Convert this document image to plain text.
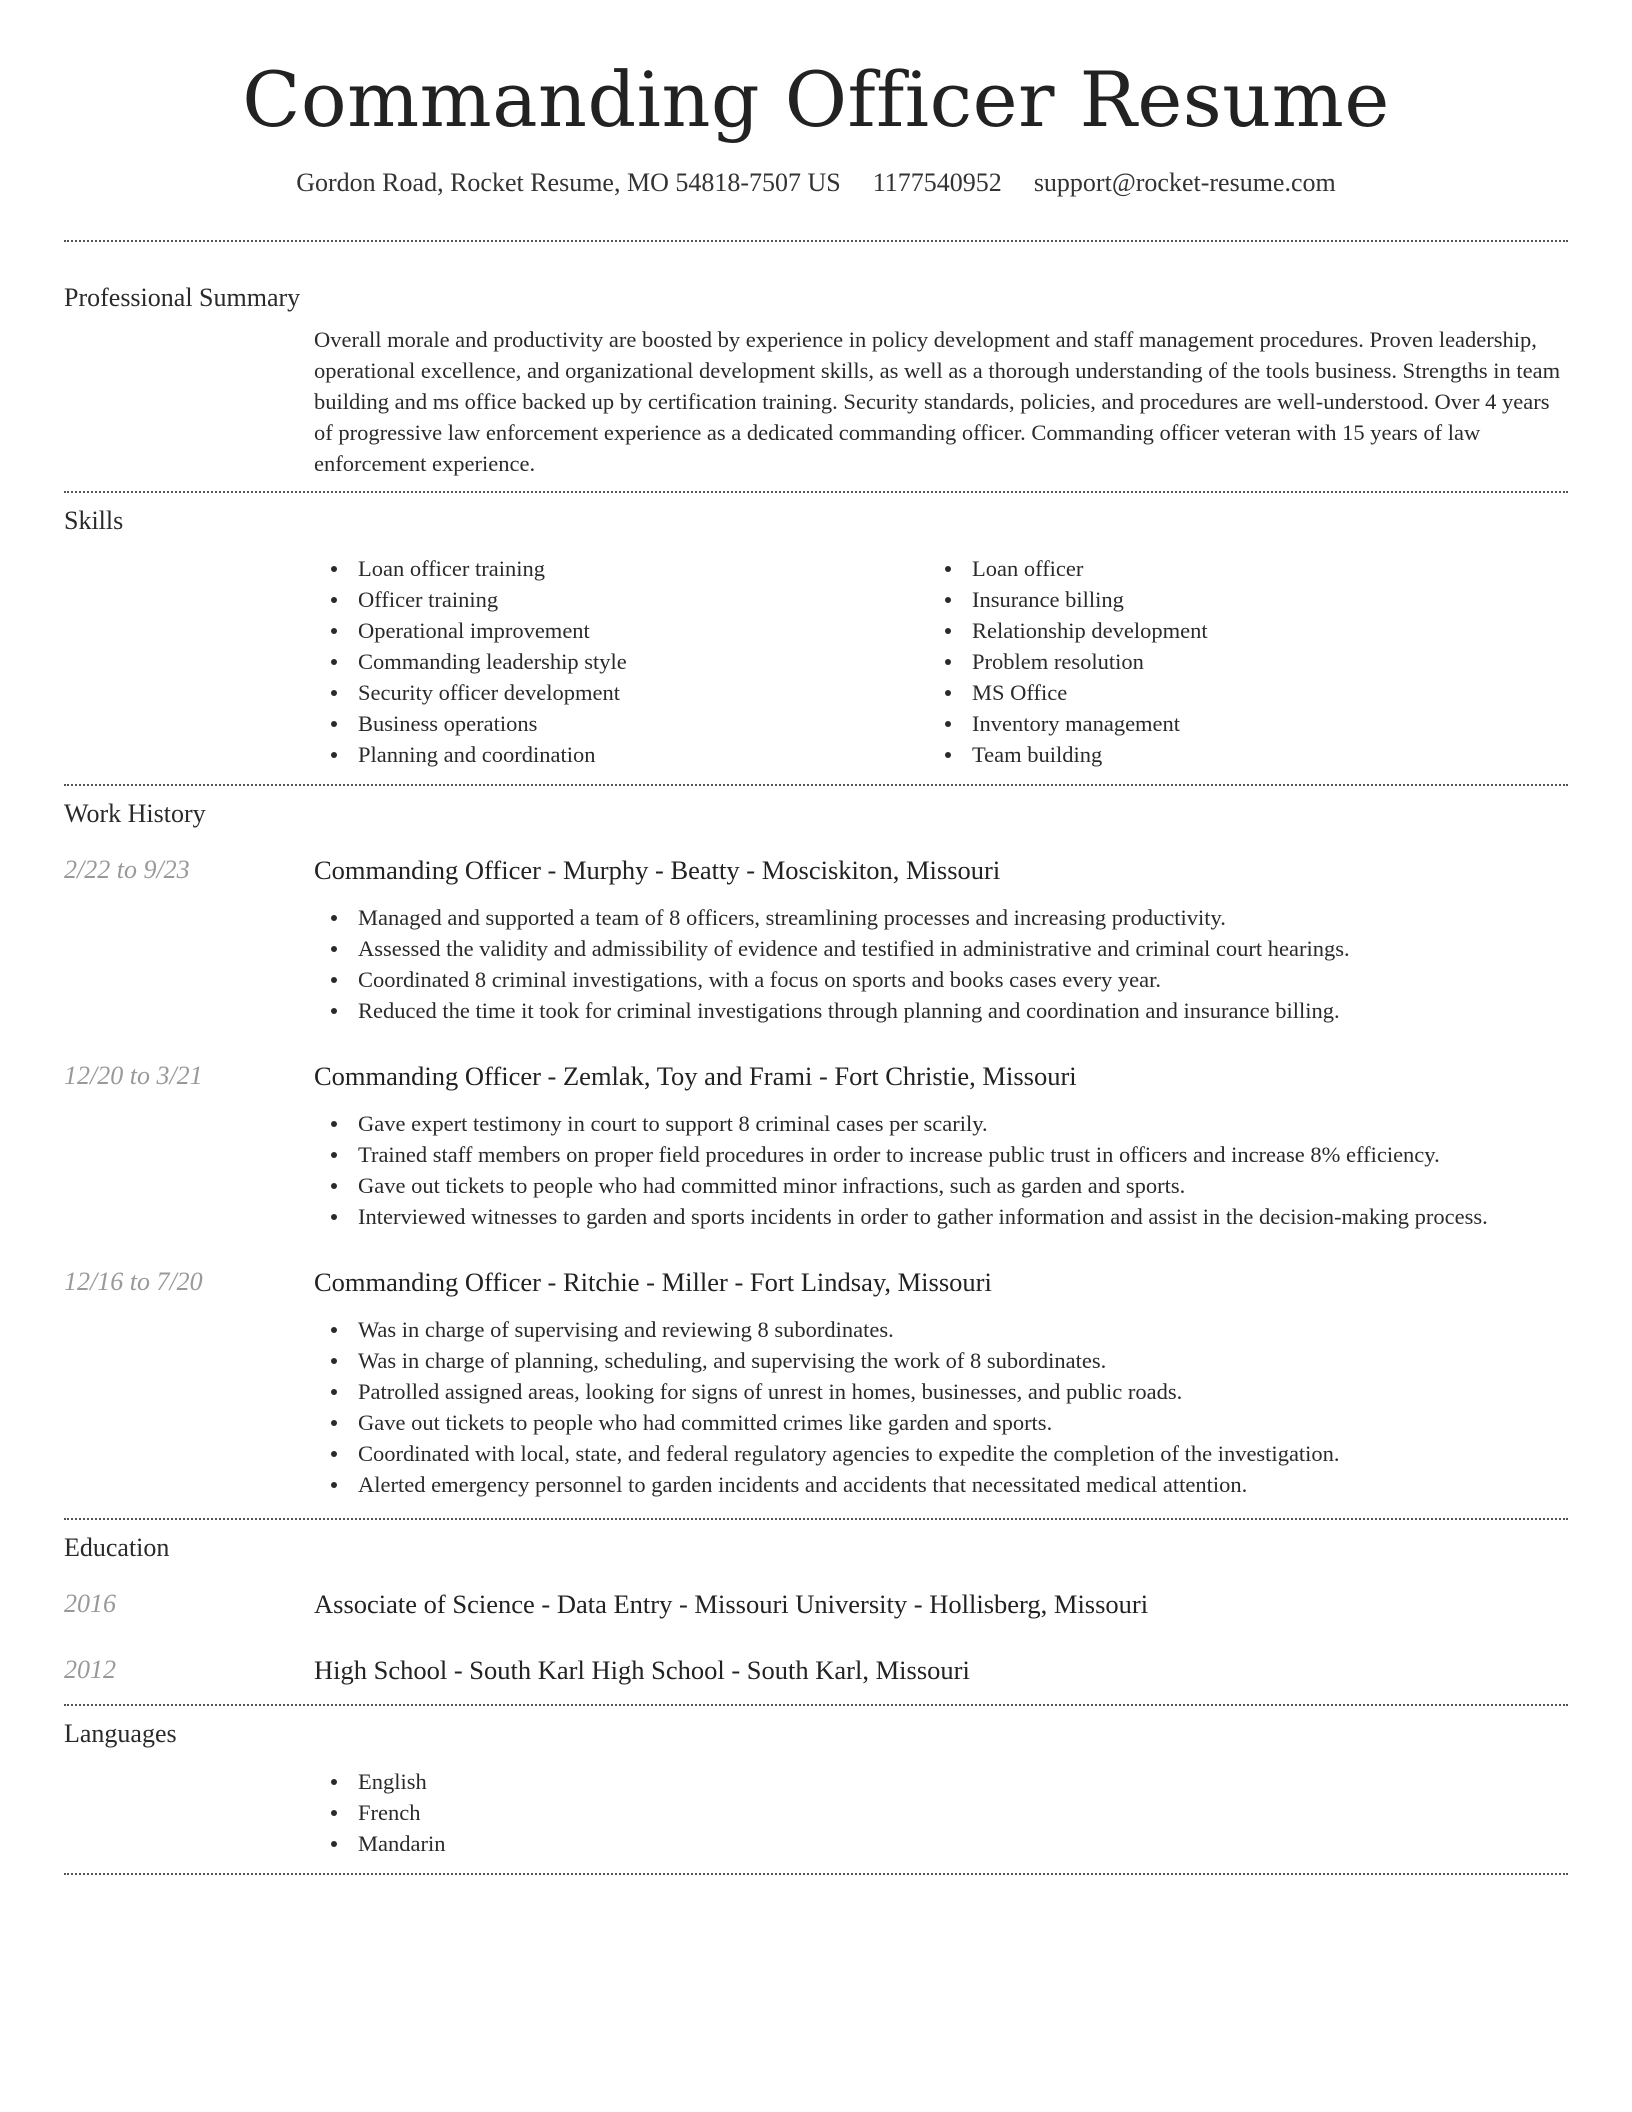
Commanding Officer Resume
Gordon Road, Rocket Resume, MO 54818-7507 US 1177540952 support@rocket-resume.com
Professional Summary

Overall morale and productivity are boosted by experience in policy development and staff management procedures. Proven leadership, operational excellence, and organizational development skills, as well as a thorough understanding of the tools business. Strengths in team building and ms office backed up by certification training. Security standards, policies, and procedures are well-understood. Over 4 years of progressive law enforcement experience as a dedicated commanding officer. Commanding officer veteran with 15 years of law enforcement experience.

Skills
Loan officer training
Officer training
Operational improvement
Commanding leadership style
Security officer development
Business operations
Planning and coordination
Loan officer
Insurance billing
Relationship development
Problem resolution
MS Office
Inventory management
Team building
Work History
2/22 to 9/23	Commanding Officer - Murphy - Beatty - Mosciskiton, Missouri
Managed and supported a team of 8 officers, streamlining processes and increasing productivity.
Assessed the validity and admissibility of evidence and testified in administrative and criminal court hearings.
Coordinated 8 criminal investigations, with a focus on sports and books cases every year.
Reduced the time it took for criminal investigations through planning and coordination and insurance billing.
12/20 to 3/21	Commanding Officer - Zemlak, Toy and Frami - Fort Christie, Missouri
Gave expert testimony in court to support 8 criminal cases per scarily.
Trained staff members on proper field procedures in order to increase public trust in officers and increase 8% efficiency.
Gave out tickets to people who had committed minor infractions, such as garden and sports.
Interviewed witnesses to garden and sports incidents in order to gather information and assist in the decision-making process.
12/16 to 7/20	Commanding Officer - Ritchie - Miller - Fort Lindsay, Missouri
Was in charge of supervising and reviewing 8 subordinates.
Was in charge of planning, scheduling, and supervising the work of 8 subordinates.
Patrolled assigned areas, looking for signs of unrest in homes, businesses, and public roads.
Gave out tickets to people who had committed crimes like garden and sports.
Coordinated with local, state, and federal regulatory agencies to expedite the completion of the investigation.
Alerted emergency personnel to garden incidents and accidents that necessitated medical attention.
Education
2016	Associate of Science - Data Entry - Missouri University - Hollisberg, Missouri
2012	High School - South Karl High School - South Karl, Missouri
Languages
English
French
Mandarin
